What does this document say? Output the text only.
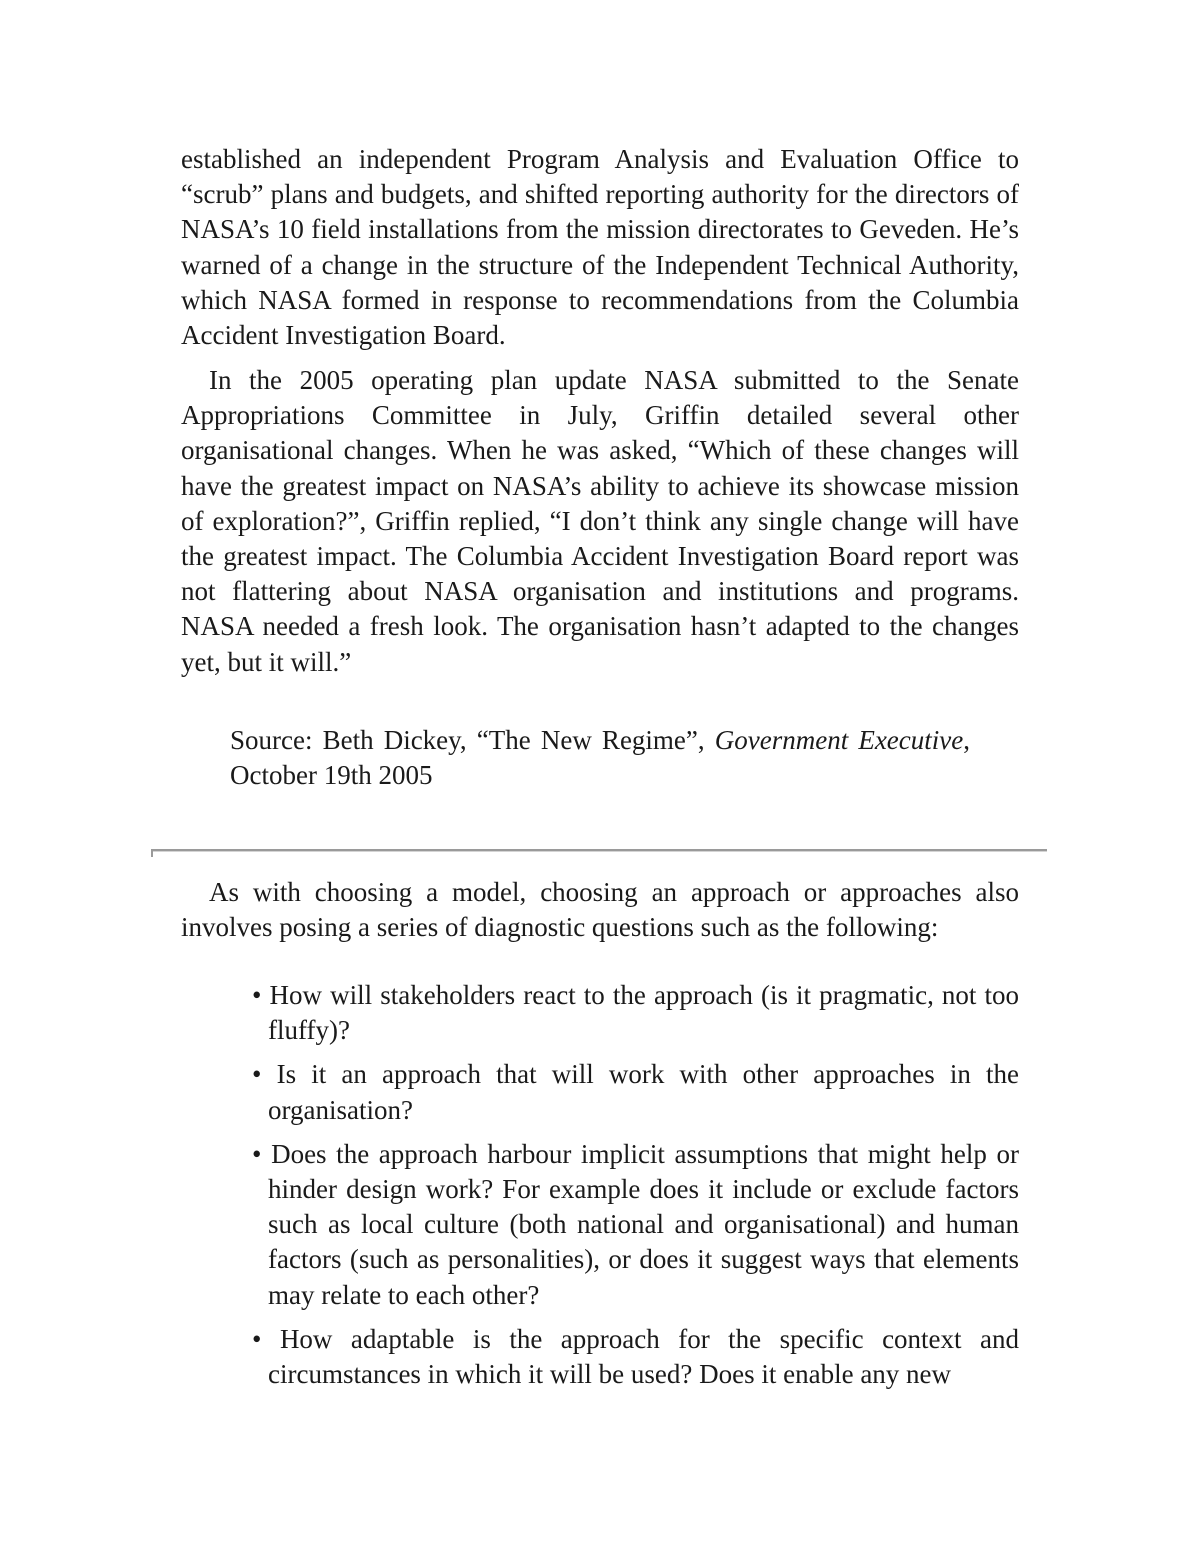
established an independent Program Analysis and Evaluation Office to “scrub” plans and budgets, and shifted reporting authority for the directors of NASA’s 10 field installations from the mission directorates to Geveden. He’s warned of a change in the structure of the Independent Technical Authority, which NASA formed in response to recommendations from the Columbia Accident Investigation Board.

In the 2005 operating plan update NASA submitted to the Senate Appropriations Committee in July, Griffin detailed several other organisational changes. When he was asked, “Which of these changes will have the greatest impact on NASA’s ability to achieve its showcase mission of exploration?”, Griffin replied, “I don’t think any single change will have the greatest impact. The Columbia Accident Investigation Board report was not flattering about NASA organisation and institutions and programs. NASA needed a fresh look. The organisation hasn’t adapted to the changes yet, but it will.”

Source: Beth Dickey, “The New Regime”, Government Executive, October 19th 2005

As with choosing a model, choosing an approach or approaches also involves posing a series of diagnostic questions such as the following:

• How will stakeholders react to the approach (is it pragmatic, not too fluffy)?
• Is it an approach that will work with other approaches in the organisation?
• Does the approach harbour implicit assumptions that might help or hinder design work? For example does it include or exclude factors such as local culture (both national and organisational) and human factors (such as personalities), or does it suggest ways that elements may relate to each other?
• How adaptable is the approach for the specific context and circumstances in which it will be used? Does it enable any new
